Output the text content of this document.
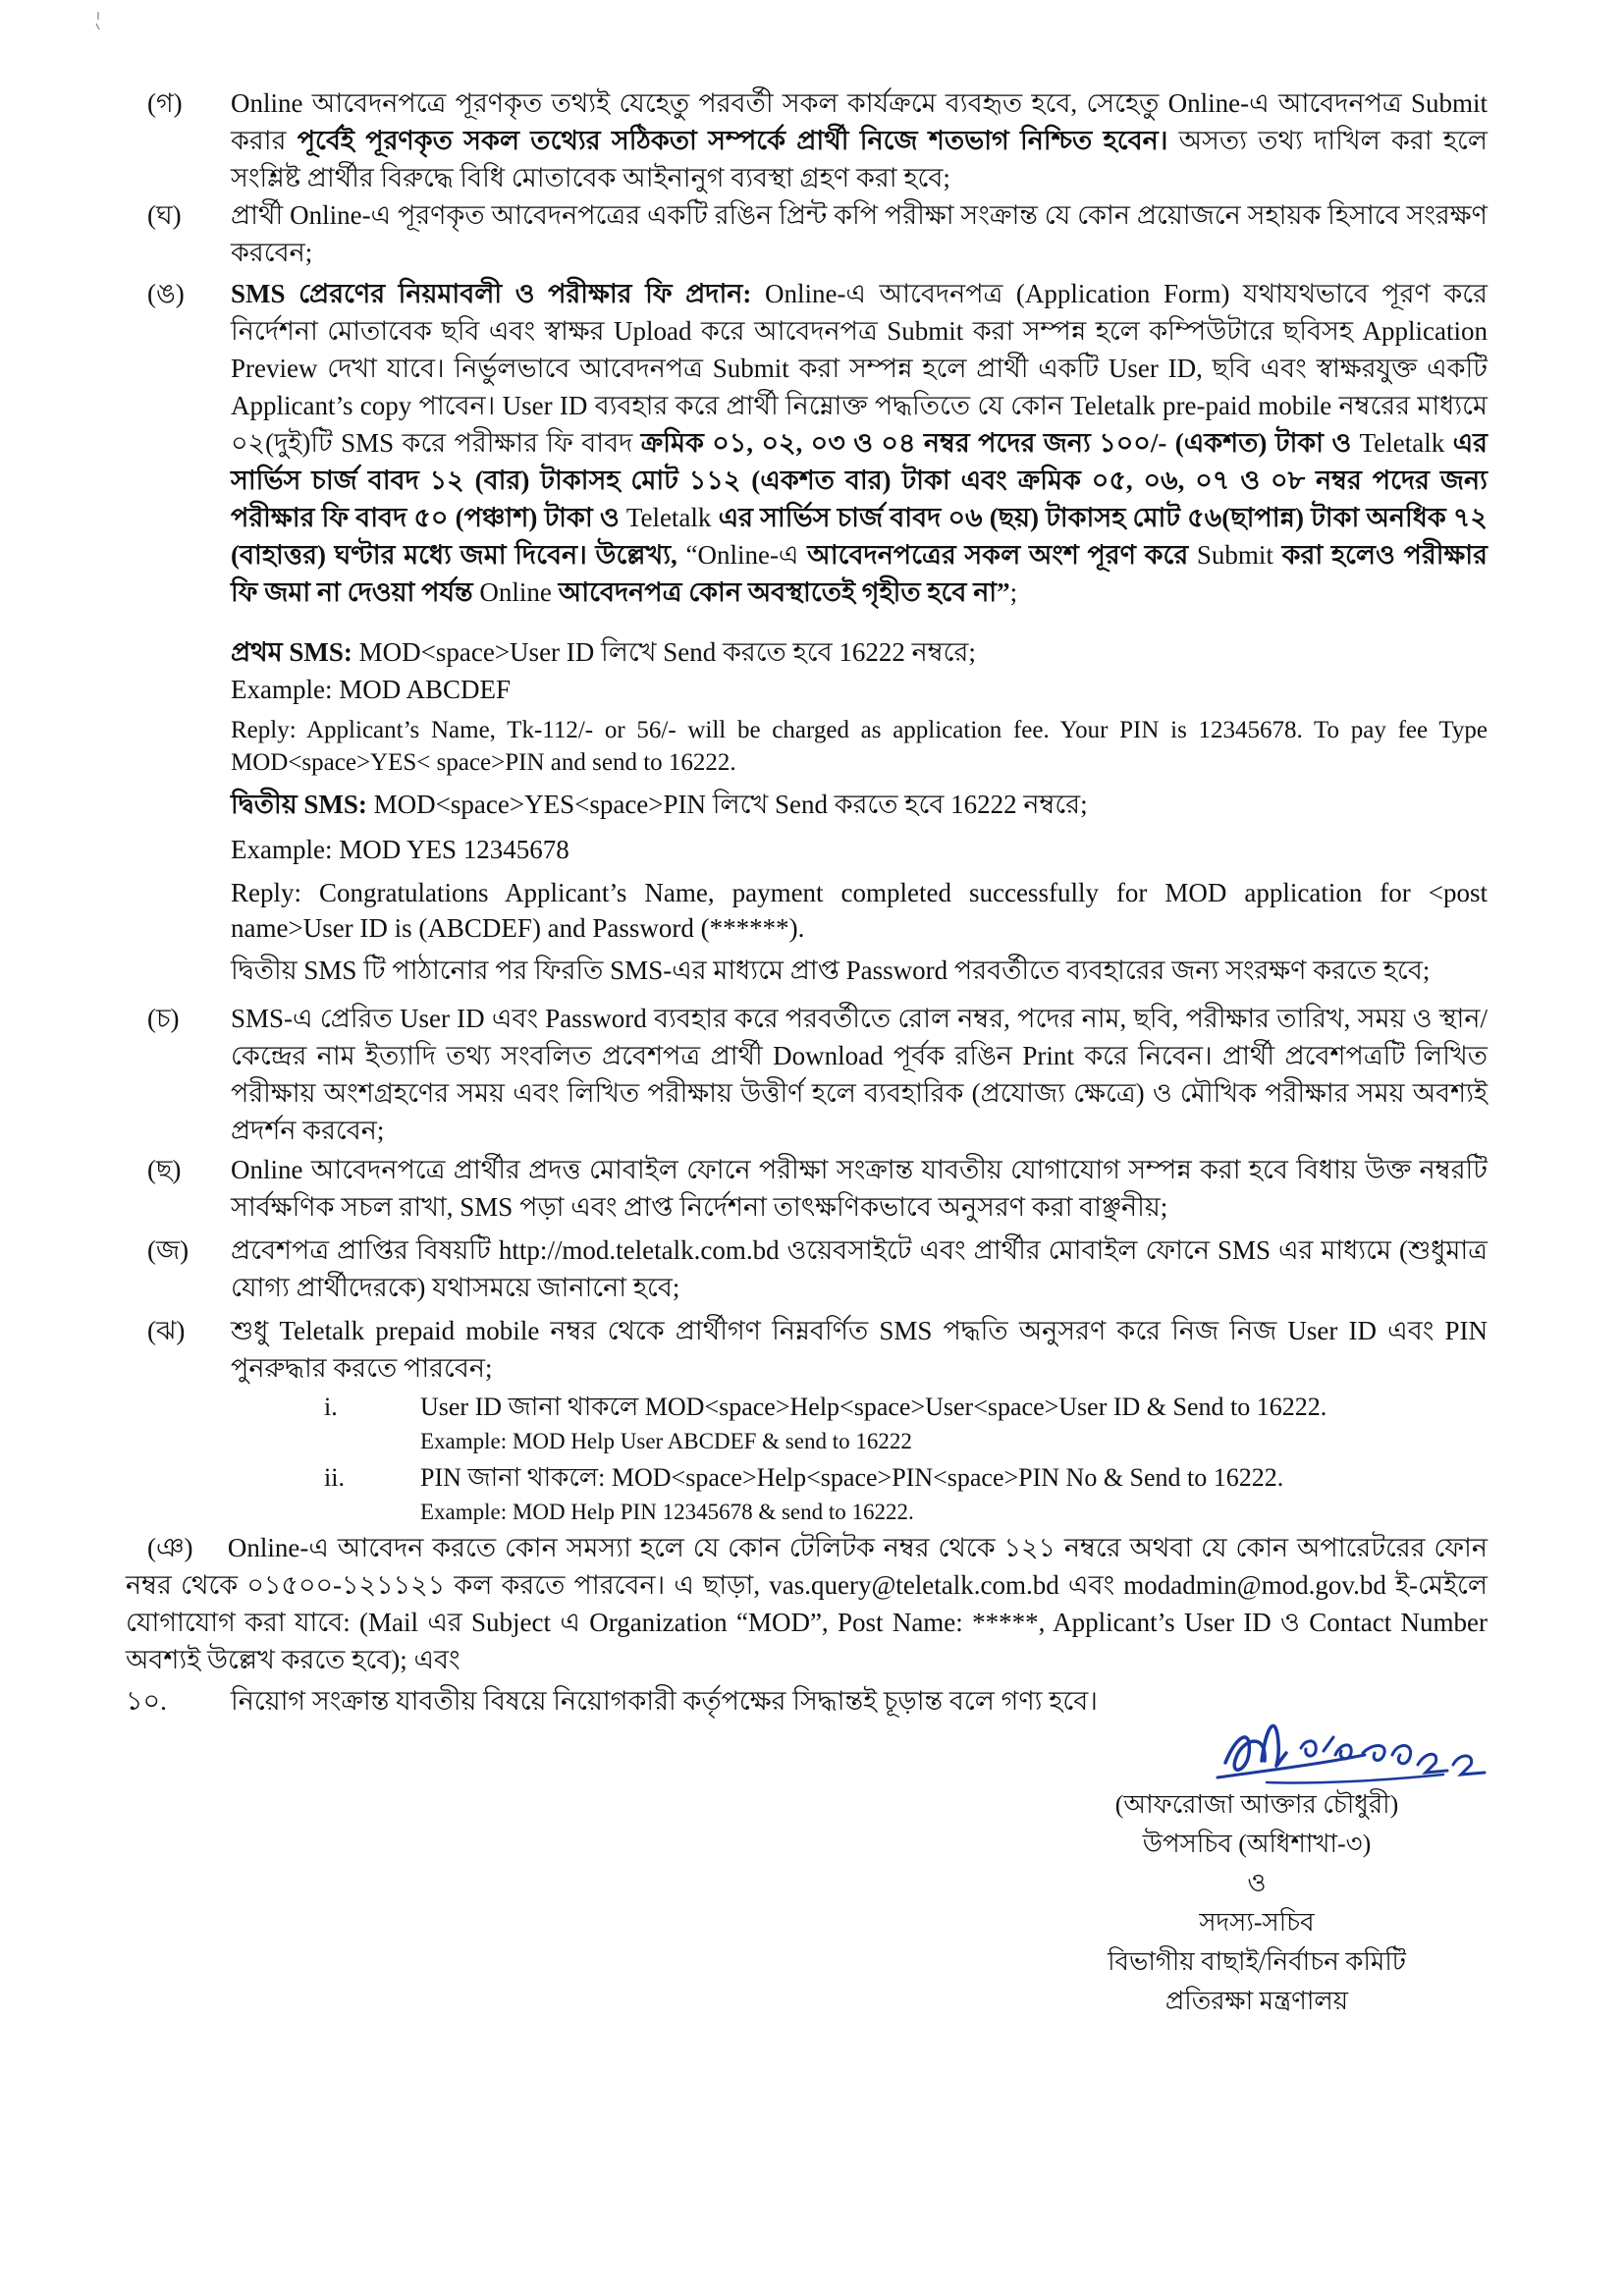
(গ)	Online আবেদনপত্রে পূরণকৃত তথ্যই যেহেতু পরবর্তী সকল কার্যক্রমে ব্যবহৃত হবে, সেহেতু Online-এ আবেদনপত্র Submit করার পূর্বেই পূরণকৃত সকল তথ্যের সঠিকতা সম্পর্কে প্রার্থী নিজে শতভাগ নিশ্চিত হবেন। অসত্য তথ্য দাখিল করা হলে সংশ্লিষ্ট প্রার্থীর বিরুদ্ধে বিধি মোতাবেক আইনানুগ ব্যবস্থা গ্রহণ করা হবে;
(ঘ)	প্রার্থী Online-এ পূরণকৃত আবেদনপত্রের একটি রঙিন প্রিন্ট কপি পরীক্ষা সংক্রান্ত যে কোন প্রয়োজনে সহায়ক হিসাবে সংরক্ষণ করবেন;
(ঙ)	SMS প্রেরণের নিয়মাবলী ও পরীক্ষার ফি প্রদান: Online-এ আবেদনপত্র (Application Form) যথাযথভাবে পূরণ করে নির্দেশনা মোতাবেক ছবি এবং স্বাক্ষর Upload করে আবেদনপত্র Submit করা সম্পন্ন হলে কম্পিউটারে ছবিসহ Application Preview দেখা যাবে। নির্ভুলভাবে আবেদনপত্র Submit করা সম্পন্ন হলে প্রার্থী একটি User ID, ছবি এবং স্বাক্ষরযুক্ত একটি Applicant’s copy পাবেন। User ID ব্যবহার করে প্রার্থী নিম্নোক্ত পদ্ধতিতে যে কোন Teletalk pre-paid mobile নম্বরের মাধ্যমে ০২(দুই)টি SMS করে পরীক্ষার ফি বাবদ ক্রমিক ০১, ০২, ০৩ ও ০৪ নম্বর পদের জন্য ১০০/- (একশত) টাকা ও Teletalk এর সার্ভিস চার্জ বাবদ ১২ (বার) টাকাসহ মোট ১১২ (একশত বার) টাকা এবং ক্রমিক ০৫, ০৬, ০৭ ও ০৮ নম্বর পদের জন্য পরীক্ষার ফি বাবদ ৫০ (পঞ্চাশ) টাকা ও Teletalk এর সার্ভিস চার্জ বাবদ ০৬ (ছয়) টাকাসহ মোট ৫৬(ছাপান্ন) টাকা অনধিক ৭২ (বাহাত্তর) ঘণ্টার মধ্যে জমা দিবেন। উল্লেখ্য, “Online-এ আবেদনপত্রের সকল অংশ পূরণ করে Submit করা হলেও পরীক্ষার ফি জমা না দেওয়া পর্যন্ত Online আবেদনপত্র কোন অবস্থাতেই গৃহীত হবে না”;
প্রথম SMS: MOD<space>User ID লিখে Send করতে হবে 16222 নম্বরে;
Example: MOD ABCDEF
Reply: Applicant’s Name, Tk-112/- or 56/- will be charged as application fee. Your PIN is 12345678. To pay fee Type MOD<space>YES< space>PIN and send to 16222.
দ্বিতীয় SMS: MOD<space>YES<space>PIN লিখে Send করতে হবে 16222 নম্বরে;
Example: MOD YES 12345678
Reply: Congratulations Applicant’s Name, payment completed successfully for MOD application for <post name>User ID is (ABCDEF) and Password (******).
দ্বিতীয় SMS টি পাঠানোর পর ফিরতি SMS-এর মাধ্যমে প্রাপ্ত Password পরবর্তীতে ব্যবহারের জন্য সংরক্ষণ করতে হবে;
(চ)	SMS-এ প্রেরিত User ID এবং Password ব্যবহার করে পরবর্তীতে রোল নম্বর, পদের নাম, ছবি, পরীক্ষার তারিখ, সময় ও স্থান/কেন্দ্রের নাম ইত্যাদি তথ্য সংবলিত প্রবেশপত্র প্রার্থী Download পূর্বক রঙিন Print করে নিবেন। প্রার্থী প্রবেশপত্রটি লিখিত পরীক্ষায় অংশগ্রহণের সময় এবং লিখিত পরীক্ষায় উত্তীর্ণ হলে ব্যবহারিক (প্রযোজ্য ক্ষেত্রে) ও মৌখিক পরীক্ষার সময় অবশ্যই প্রদর্শন করবেন;
(ছ)	Online আবেদনপত্রে প্রার্থীর প্রদত্ত মোবাইল ফোনে পরীক্ষা সংক্রান্ত যাবতীয় যোগাযোগ সম্পন্ন করা হবে বিধায় উক্ত নম্বরটি সার্বক্ষণিক সচল রাখা, SMS পড়া এবং প্রাপ্ত নির্দেশনা তাৎক্ষণিকভাবে অনুসরণ করা বাঞ্ছনীয়;
(জ)	প্রবেশপত্র প্রাপ্তির বিষয়টি http://mod.teletalk.com.bd ওয়েবসাইটে এবং প্রার্থীর মোবাইল ফোনে SMS এর মাধ্যমে (শুধুমাত্র যোগ্য প্রার্থীদেরকে) যথাসময়ে জানানো হবে;
(ঝ)	শুধু Teletalk prepaid mobile নম্বর থেকে প্রার্থীগণ নিম্নবর্ণিত SMS পদ্ধতি অনুসরণ করে নিজ নিজ User ID এবং PIN পুনরুদ্ধার করতে পারবেন;
i.	User ID জানা থাকলে MOD<space>Help<space>User<space>User ID & Send to 16222.
Example: MOD Help User ABCDEF & send to 16222
ii.	PIN জানা থাকলে: MOD<space>Help<space>PIN<space>PIN No & Send to 16222.
Example: MOD Help PIN 12345678 & send to 16222.
(ঞ) Online-এ আবেদন করতে কোন সমস্যা হলে যে কোন টেলিটক নম্বর থেকে ১২১ নম্বরে অথবা যে কোন অপারেটরের ফোন নম্বর থেকে ০১৫০০-১২১১২১ কল করতে পারবেন। এ ছাড়া, vas.query@teletalk.com.bd এবং modadmin@mod.gov.bd ই-মেইলে যোগাযোগ করা যাবে: (Mail এর Subject এ Organization “MOD”, Post Name: *****, Applicant’s User ID ও Contact Number অবশ্যই উল্লেখ করতে হবে); এবং
১০.	নিয়োগ সংক্রান্ত যাবতীয় বিষয়ে নিয়োগকারী কর্তৃপক্ষের সিদ্ধান্তই চূড়ান্ত বলে গণ্য হবে।
(আফরোজা আক্তার চৌধুরী)
উপসচিব (অধিশাখা-৩)
ও
সদস্য-সচিব
বিভাগীয় বাছাই/নির্বাচন কমিটি
প্রতিরক্ষা মন্ত্রণালয়
